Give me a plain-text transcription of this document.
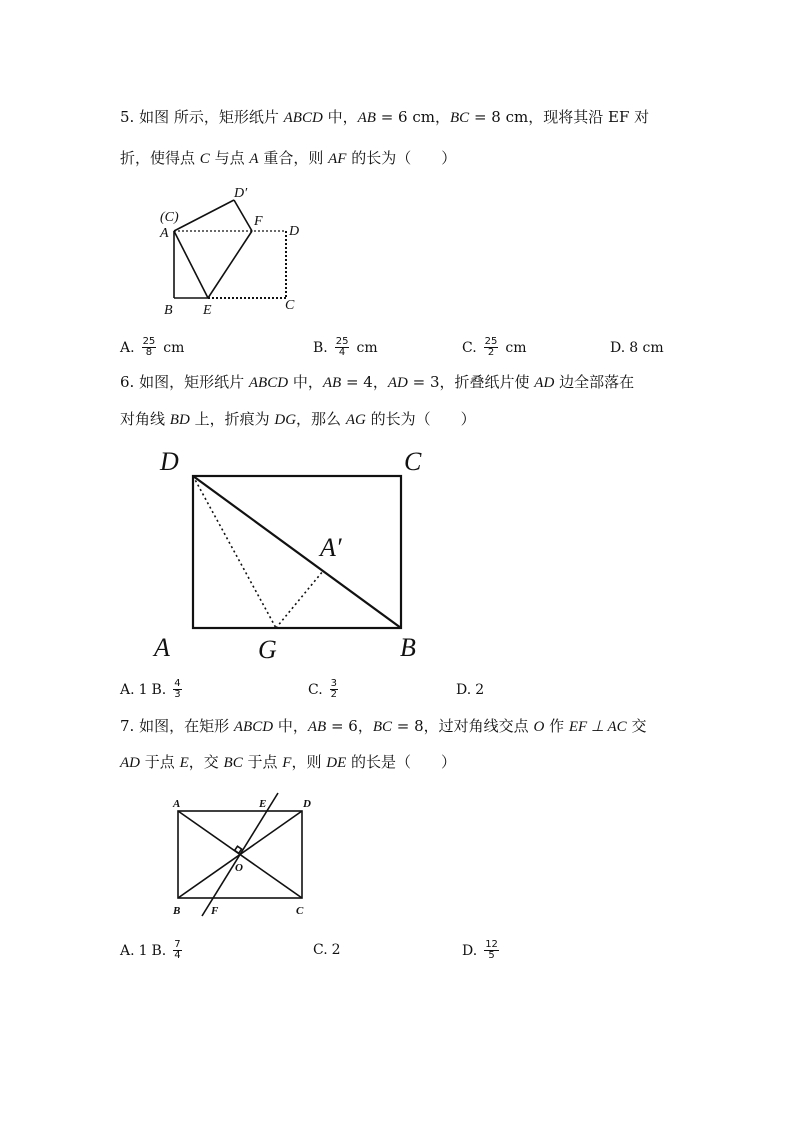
5. 如图 所示，矩形纸片 ABCD 中，AB = 6 cm，BC = 8 cm，现将其沿 EF 对
折，使得点 C 与点 A 重合，则 AF 的长为（　　）
(C)
A
D′
F
D
B E	C
A. $\frac{25}{8}$ cm	B. $\frac{25}{4}$ cm	C. $\frac{25}{2}$ cm	D. 8 cm
6. 如图，矩形纸片 ABCD 中，AB = 4，AD = 3，折叠纸片使 AD 边全部落在
对角线 BD 上，折痕为 DG，那么 AG 的长为（　　）
D	C
A′
A	G	B
A. 1 B. $\frac{4}{3}$	C. $\frac{3}{2}$	D. 2
7. 如图，在矩形 ABCD 中，AB = 6，BC = 8，过对角线交点 O 作 EF ⊥ AC 交
AD 于点 E，交 BC 于点 F，则 DE 的长是（　　）
A	E	D
O
B	F	C
A. 1 B. $\frac{7}{4}$	C. 2	D. $\frac{12}{5}$
